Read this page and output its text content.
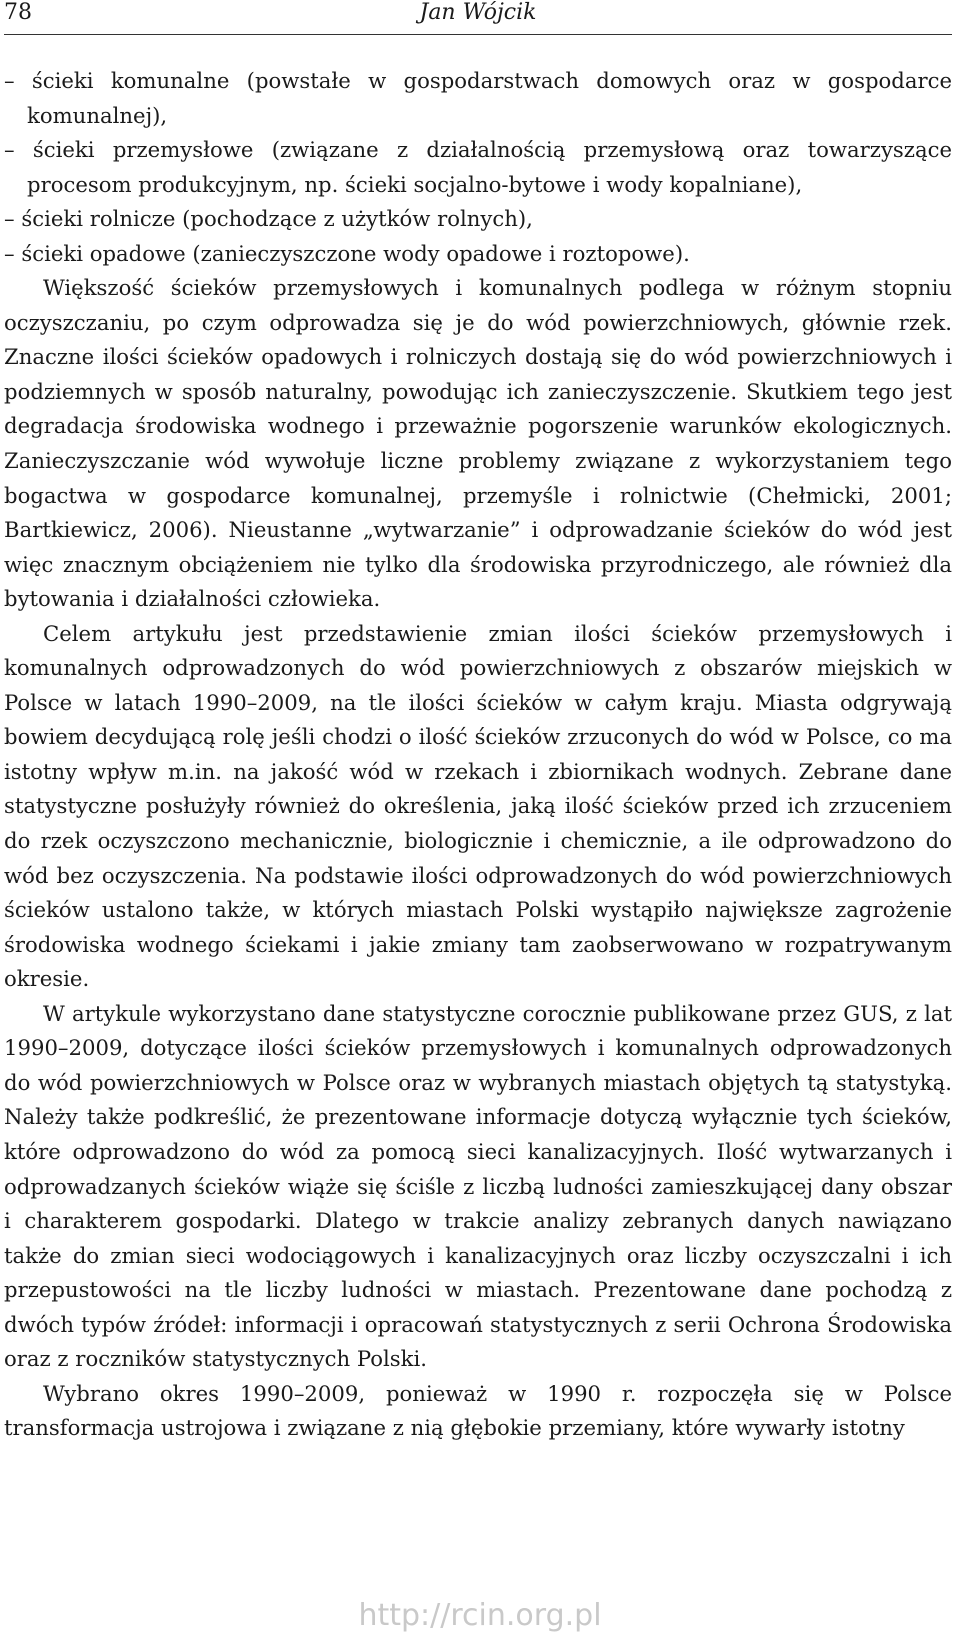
78	Jan Wójcik

– ścieki komunalne (powstałe w gospodarstwach domowych oraz w gospodarce komunalnej),

– ścieki przemysłowe (związane z działalnością przemysłową oraz towarzyszące procesom produkcyjnym, np. ścieki socjalno-bytowe i wody kopalniane),

– ścieki rolnicze (pochodzące z użytków rolnych),

– ścieki opadowe (zanieczyszczone wody opadowe i roztopowe).

Większość ścieków przemysłowych i komunalnych podlega w różnym stopniu oczyszczaniu, po czym odprowadza się je do wód powierzchniowych, głównie rzek. Znaczne ilości ścieków opadowych i rolniczych dostają się do wód powierzchniowych i podziemnych w sposób naturalny, powodując ich zanieczyszczenie. Skutkiem tego jest degradacja środowiska wodnego i przeważnie pogorszenie warunków ekologicznych. Zanieczyszczanie wód wywołuje liczne problemy związane z wykorzystaniem tego bogactwa w gospodarce komunalnej, przemyśle i rolnictwie (Chełmicki, 2001; Bartkiewicz, 2006). Nieustanne „wytwarzanie” i odprowadzanie ścieków do wód jest więc znacznym obciążeniem nie tylko dla środowiska przyrodniczego, ale również dla bytowania i działalności człowieka.

Celem artykułu jest przedstawienie zmian ilości ścieków przemysłowych i komunalnych odprowadzonych do wód powierzchniowych z obszarów miejskich w Polsce w latach 1990–2009, na tle ilości ścieków w całym kraju. Miasta odgrywają bowiem decydującą rolę jeśli chodzi o ilość ścieków zrzuconych do wód w Polsce, co ma istotny wpływ m.in. na jakość wód w rzekach i zbiornikach wodnych. Zebrane dane statystyczne posłużyły również do określenia, jaką ilość ścieków przed ich zrzuceniem do rzek oczyszczono mechanicznie, biologicznie i chemicznie, a ile odprowadzono do wód bez oczyszczenia. Na podstawie ilości odprowadzonych do wód powierzchniowych ścieków ustalono także, w których miastach Polski wystąpiło największe zagrożenie środowiska wodnego ściekami i jakie zmiany tam zaobserwowano w rozpatrywanym okresie.

W artykule wykorzystano dane statystyczne corocznie publikowane przez GUS, z lat 1990–2009, dotyczące ilości ścieków przemysłowych i komunalnych odprowadzonych do wód powierzchniowych w Polsce oraz w wybranych miastach objętych tą statystyką. Należy także podkreślić, że prezentowane informacje dotyczą wyłącznie tych ścieków, które odprowadzono do wód za pomocą sieci kanalizacyjnych. Ilość wytwarzanych i odprowadzanych ścieków wiąże się ściśle z liczbą ludności zamieszkującej dany obszar i charakterem gospodarki. Dlatego w trakcie analizy zebranych danych nawiązano także do zmian sieci wodociągowych i kanalizacyjnych oraz liczby oczyszczalni i ich przepustowości na tle liczby ludności w miastach. Prezentowane dane pochodzą z dwóch typów źródeł: informacji i opracowań statystycznych z serii Ochrona Środowiska oraz z roczników statystycznych Polski.

Wybrano okres 1990–2009, ponieważ w 1990 r. rozpoczęła się w Polsce transformacja ustrojowa i związane z nią głębokie przemiany, które wywarły istotny

http://rcin.org.pl
